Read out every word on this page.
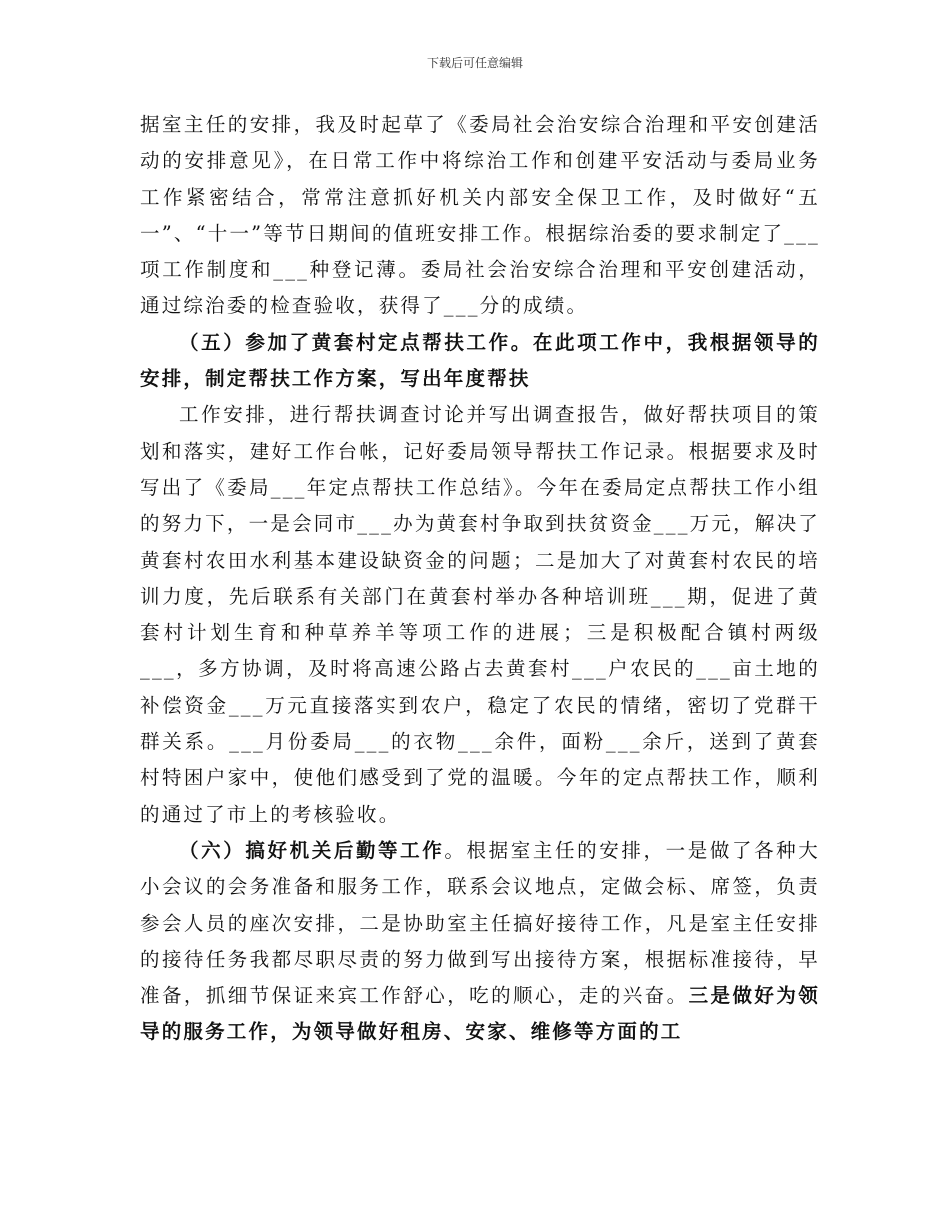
下载后可任意编辑

据室主任的安排，我及时起草了《委局社会治安综合治理和平安创建活动的安排意见》，在日常工作中将综治工作和创建平安活动与委局业务工作紧密结合，常常注意抓好机关内部安全保卫工作，及时做好“五一”、“十一”等节日期间的值班安排工作。根据综治委的要求制定了___项工作制度和___种登记薄。委局社会治安综合治理和平安创建活动，通过综治委的检查验收，获得了___分的成绩。

（五）参加了黄套村定点帮扶工作。在此项工作中，我根据领导的安排，制定帮扶工作方案，写出年度帮扶

工作安排，进行帮扶调查讨论并写出调查报告，做好帮扶项目的策划和落实，建好工作台帐，记好委局领导帮扶工作记录。根据要求及时写出了《委局___年定点帮扶工作总结》。今年在委局定点帮扶工作小组的努力下，一是会同市___办为黄套村争取到扶贫资金___万元，解决了黄套村农田水利基本建设缺资金的问题；二是加大了对黄套村农民的培训力度，先后联系有关部门在黄套村举办各种培训班___期，促进了黄套村计划生育和种草养羊等项工作的进展；三是积极配合镇村两级___，多方协调，及时将高速公路占去黄套村___户农民的___亩土地的补偿资金___万元直接落实到农户，稳定了农民的情绪，密切了党群干群关系。___月份委局___的衣物___余件，面粉___余斤，送到了黄套村特困户家中，使他们感受到了党的温暖。今年的定点帮扶工作，顺利的通过了市上的考核验收。

（六）搞好机关后勤等工作。根据室主任的安排，一是做了各种大小会议的会务准备和服务工作，联系会议地点，定做会标、席签，负责参会人员的座次安排，二是协助室主任搞好接待工作，凡是室主任安排的接待任务我都尽职尽责的努力做到写出接待方案，根据标准接待，早准备，抓细节保证来宾工作舒心，吃的顺心，走的兴奋。三是做好为领导的服务工作，为领导做好租房、安家、维修等方面的工
